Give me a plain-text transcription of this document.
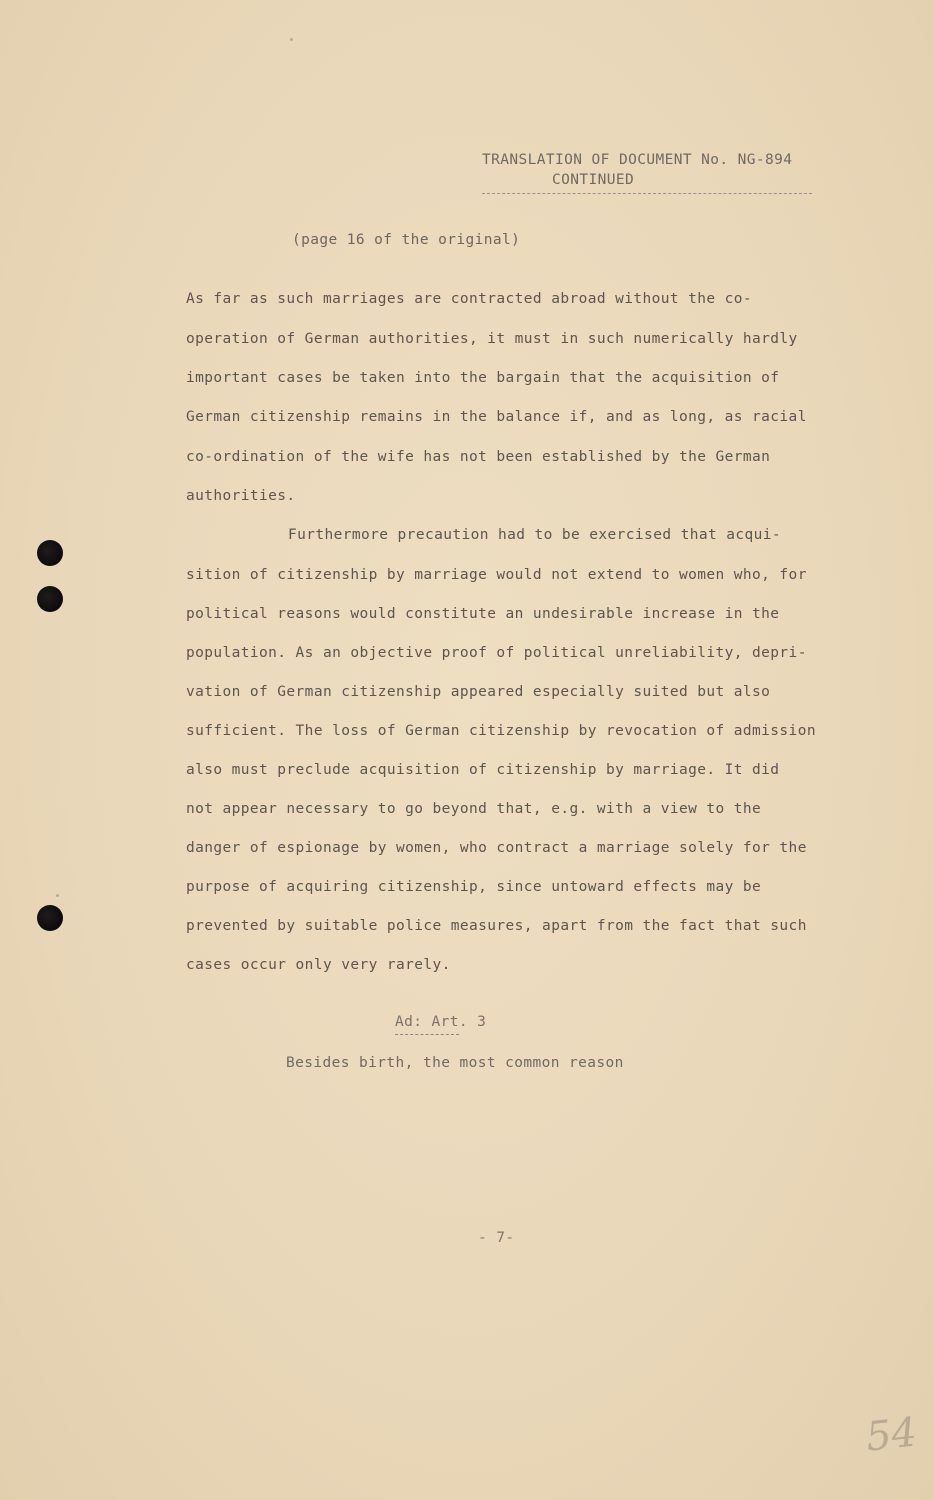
TRANSLATION OF DOCUMENT No. NG-894
CONTINUED
(page 16 of the original)
As far as such marriages are contracted abroad without the co-
operation of German authorities, it must in such numerically hardly
important cases be taken into the bargain that the acquisition of
German citizenship remains in the balance if, and as long, as racial
co-ordination of the wife has not been established by the German
authorities.
Furthermore precaution had to be exercised that acqui-
sition of citizenship by marriage would not extend to women who, for
political reasons would constitute an undesirable increase in the
population. As an objective proof of political unreliability, depri-
vation of German citizenship appeared especially suited but also
sufficient. The loss of German citizenship by revocation of admission
also must preclude acquisition of citizenship by marriage. It did
not appear necessary to go beyond that, e.g. with a view to the
danger of espionage by women, who contract a marriage solely for the
purpose of acquiring citizenship, since untoward effects may be
prevented by suitable police measures, apart from the fact that such
cases occur only very rarely.
Ad: Art. 3
Besides birth, the most common reason
- 7-
54
